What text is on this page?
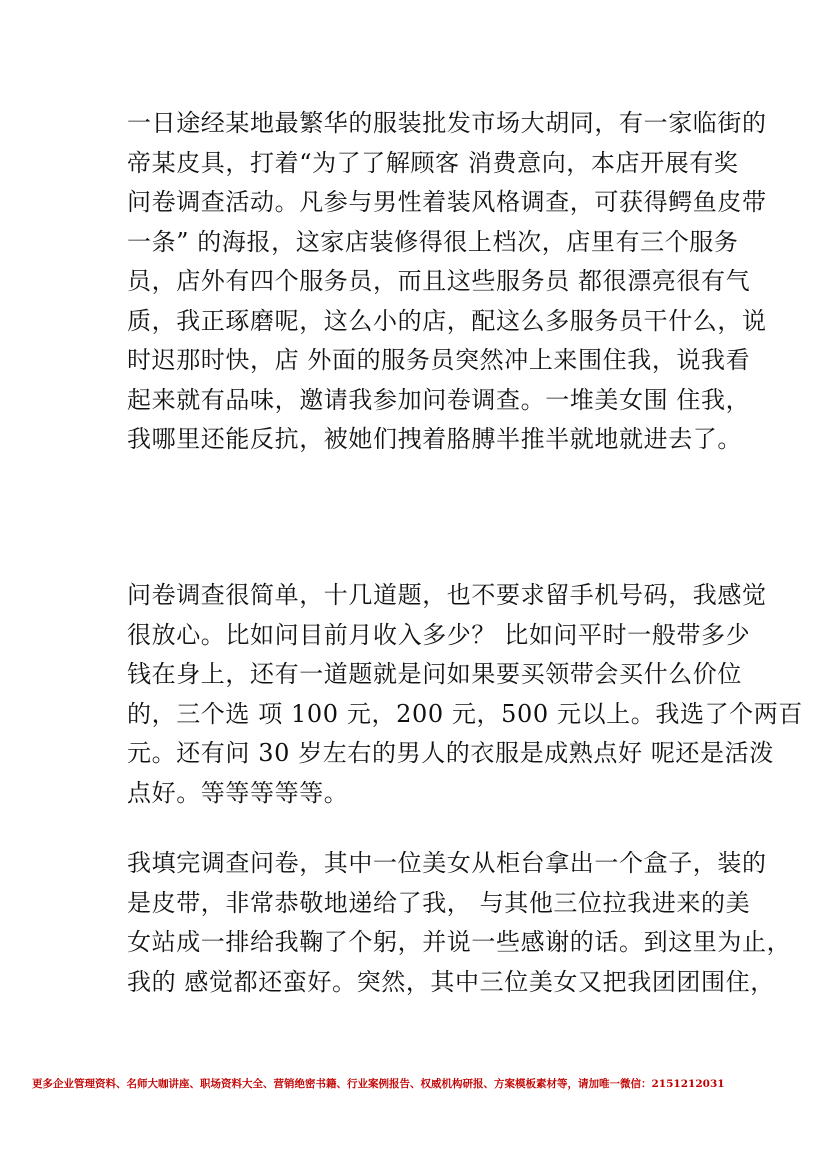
一日途经某地最繁华的服装批发市场大胡同，有一家临街的
帝某皮具，打着“为了了解顾客 消费意向，本店开展有奖
问卷调查活动。凡参与男性着装风格调查，可获得鳄鱼皮带
一条” 的海报，这家店装修得很上档次，店里有三个服务
员，店外有四个服务员，而且这些服务员 都很漂亮很有气
质，我正琢磨呢，这么小的店，配这么多服务员干什么，说
时迟那时快，店 外面的服务员突然冲上来围住我，说我看
起来就有品味，邀请我参加问卷调查。一堆美女围 住我，
我哪里还能反抗，被她们拽着胳膊半推半就地就进去了。
问卷调查很简单，十几道题，也不要求留手机号码，我感觉
很放心。比如问目前月收入多少？ 比如问平时一般带多少
钱在身上，还有一道题就是问如果要买领带会买什么价位
的，三个选 项 100 元，200 元，500 元以上。我选了个两百
元。还有问 30 岁左右的男人的衣服是成熟点好 呢还是活泼
点好。等等等等等。
我填完调查问卷，其中一位美女从柜台拿出一个盒子，装的
是皮带，非常恭敬地递给了我， 与其他三位拉我进来的美
女站成一排给我鞠了个躬，并说一些感谢的话。到这里为止，
我的 感觉都还蛮好。突然，其中三位美女又把我团团围住，
更多企业管理资料、名师大咖讲座、职场资料大全、营销绝密书籍、行业案例报告、权威机构研报、方案模板素材等，请加唯一微信：2151212031
